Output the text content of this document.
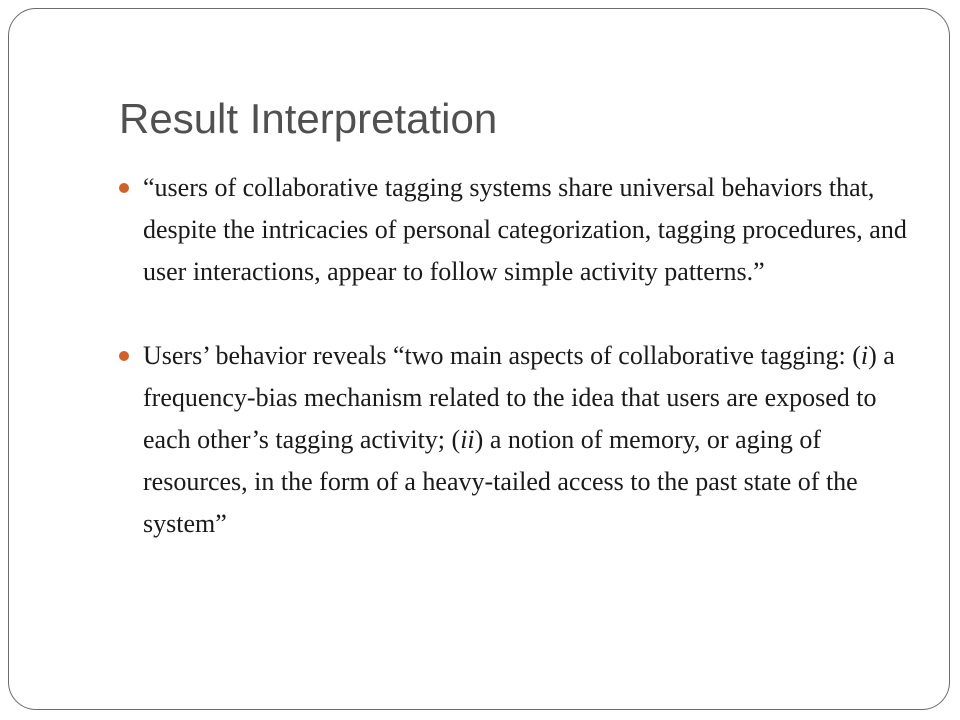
Result Interpretation
“users of collaborative tagging systems share universal behaviors that, despite the intricacies of personal categorization, tagging procedures, and user interactions, appear to follow simple activity patterns.”
Users’ behavior reveals “two main aspects of collaborative tagging: (i) a frequency-bias mechanism related to the idea that users are exposed to each other’s tagging activity; (ii) a notion of memory, or aging of resources, in the form of a heavy-tailed access to the past state of the system”
